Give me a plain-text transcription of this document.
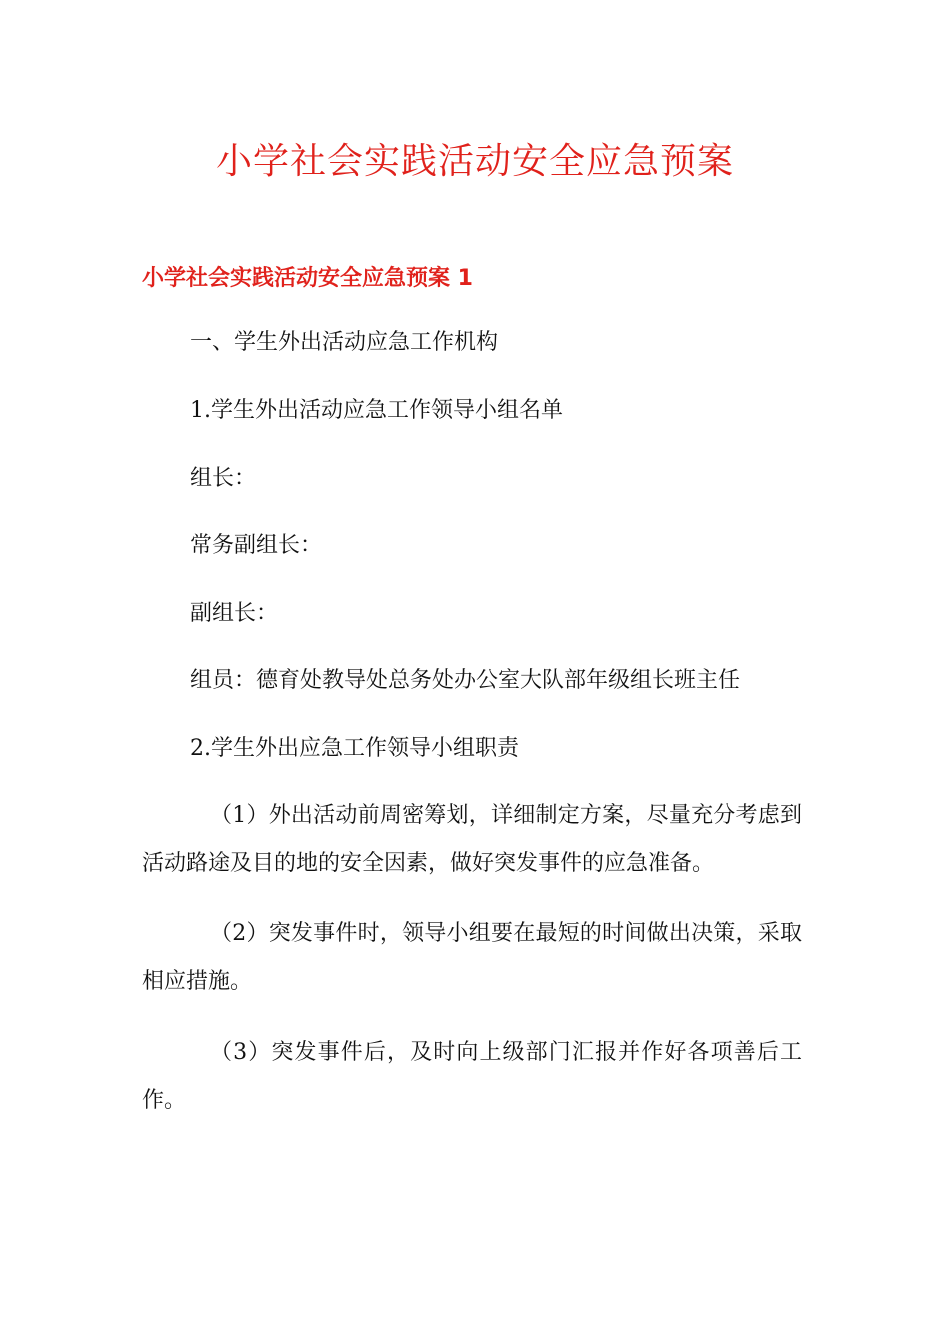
小学社会实践活动安全应急预案
小学社会实践活动安全应急预案 1
一、学生外出活动应急工作机构
1.学生外出活动应急工作领导小组名单
组长：
常务副组长：
副组长：
组员：德育处教导处总务处办公室大队部年级组长班主任
2.学生外出应急工作领导小组职责
（1）外出活动前周密筹划，详细制定方案，尽量充分考虑到活动路途及目的地的安全因素，做好突发事件的应急准备。
（2）突发事件时，领导小组要在最短的时间做出决策，采取相应措施。
（3）突发事件后，及时向上级部门汇报并作好各项善后工作。
